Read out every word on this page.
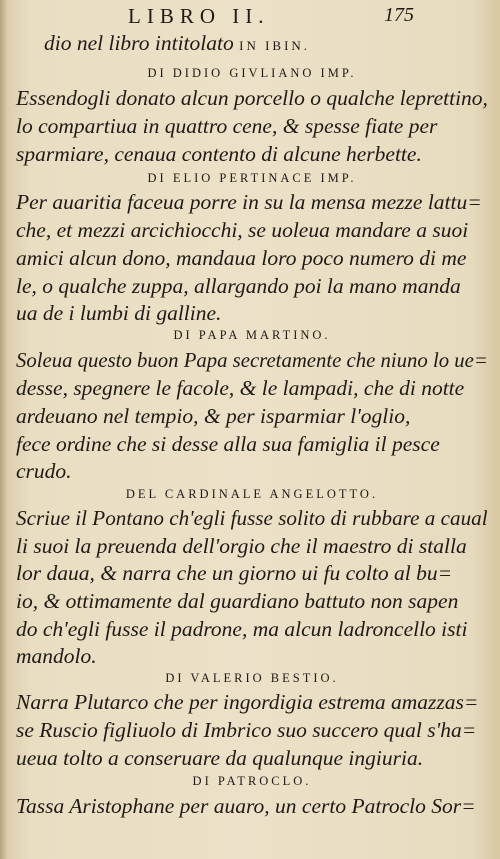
LIBRO II.	175
dio nel libro intitolato IN IBIN.
DI DIDIO GIVLIANO IMP.
Essendogli donato alcun porcello o qualche leprettino,
lo compartiua in quattro cene, & spesse fiate per
sparmiare, cenaua contento di alcune herbette.
DI ELIO PERTINACE IMP.
Per auaritia faceua porre in su la mensa mezze lattu=
che, et mezzi arcichiocchi, se uoleua mandare a suoi
amici alcun dono, mandaua loro poco numero di me
le, o qualche zuppa, allargando poi la mano manda
ua de i lumbi di galline.
DI PAPA MARTINO.
Soleua questo buon Papa secretamente che niuno lo ue=
desse, spegnere le facole, & le lampadi, che di notte
ardeuano nel tempio, & per isparmiar l'oglio,
fece ordine che si desse alla sua famiglia il pesce
crudo.
DEL CARDINALE ANGELOTTO.
Scriue il Pontano ch'egli fusse solito di rubbare a caual
li suoi la preuenda dell'orgio che il maestro di stalla
lor daua, & narra che un giorno ui fu colto al bu=
io, & ottimamente dal guardiano battuto non sapen
do ch'egli fusse il padrone, ma alcun ladroncello isti
mandolo.
DI VALERIO BESTIO.
Narra Plutarco che per ingordigia estrema amazzas=
se Ruscio figliuolo di Imbrico suo succero qual s'ha=
ueua tolto a conseruare da qualunque ingiuria.
DI PATROCLO.
Tassa Aristophane per auaro, un certo Patroclo Sor=
